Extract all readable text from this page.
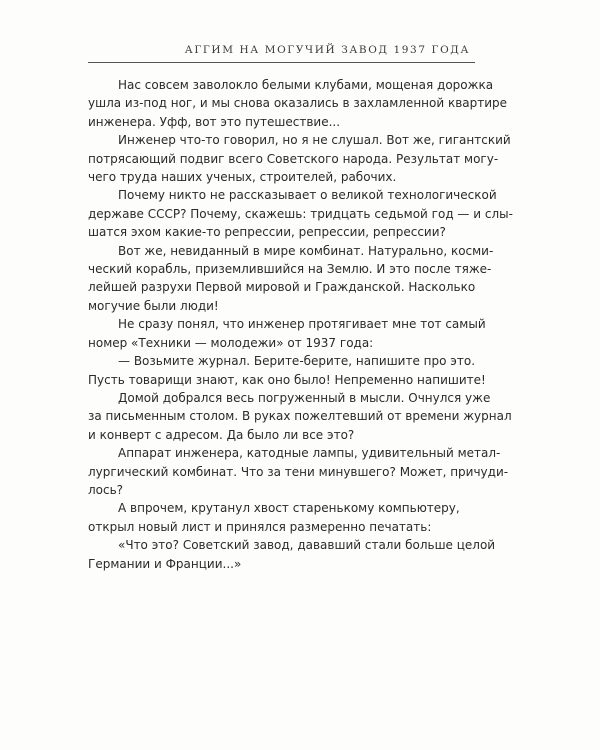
АГГИМ НА МОГУЧИЙ ЗАВОД 1937 ГОДА

Нас совсем заволокло белыми клубами, мощеная дорожка
ушла из-под ног, и мы снова оказались в захламленной квартире
инженера. Уфф, вот это путешествие...

Инженер что-то говорил, но я не слушал. Вот же, гигантский
потрясающий подвиг всего Советского народа. Результат могу-
чего труда наших ученых, строителей, рабочих.

Почему никто не рассказывает о великой технологической
державе СССР? Почему, скажешь: тридцать седьмой год — и слы-
шатся эхом какие-то репрессии, репрессии, репрессии?

Вот же, невиданный в мире комбинат. Натурально, косми-
ческий корабль, приземлившийся на Землю. И это после тяже-
лейшей разрухи Первой мировой и Гражданской. Насколько
могучие были люди!

Не сразу понял, что инженер протягивает мне тот самый
номер «Техники — молодежи» от 1937 года:

— Возьмите журнал. Берите-берите, напишите про это.
Пусть товарищи знают, как оно было! Непременно напишите!

Домой добрался весь погруженный в мысли. Очнулся уже
за письменным столом. В руках пожелтевший от времени журнал
и конверт с адресом. Да было ли все это?

Аппарат инженера, катодные лампы, удивительный метал-
лургический комбинат. Что за тени минувшего? Может, причуди-
лось?

А впрочем, крутанул хвост старенькому компьютеру,
открыл новый лист и принялся размеренно печатать:

«Что это? Советский завод, дававший стали больше целой
Германии и Франции...»
